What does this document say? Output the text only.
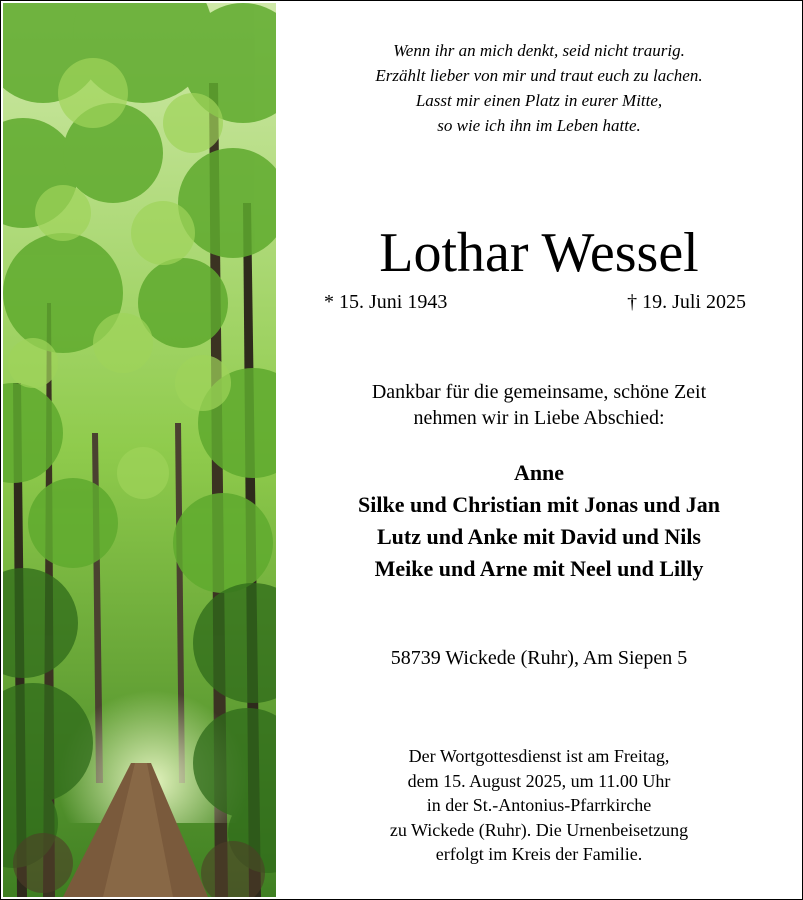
Wenn ihr an mich denkt, seid nicht traurig.
Erzählt lieber von mir und traut euch zu lachen.
Lasst mir einen Platz in eurer Mitte,
so wie ich ihn im Leben hatte.
Lothar Wessel
* 15. Juni 1943	† 19. Juli 2025
Dankbar für die gemeinsame, schöne Zeit
nehmen wir in Liebe Abschied:
Anne
Silke und Christian mit Jonas und Jan
Lutz und Anke mit David und Nils
Meike und Arne mit Neel und Lilly
58739 Wickede (Ruhr), Am Siepen 5
Der Wortgottesdienst ist am Freitag,
dem 15. August 2025, um 11.00 Uhr
in der St.-Antonius-Pfarrkirche
zu Wickede (Ruhr). Die Urnenbeisetzung
erfolgt im Kreis der Familie.
